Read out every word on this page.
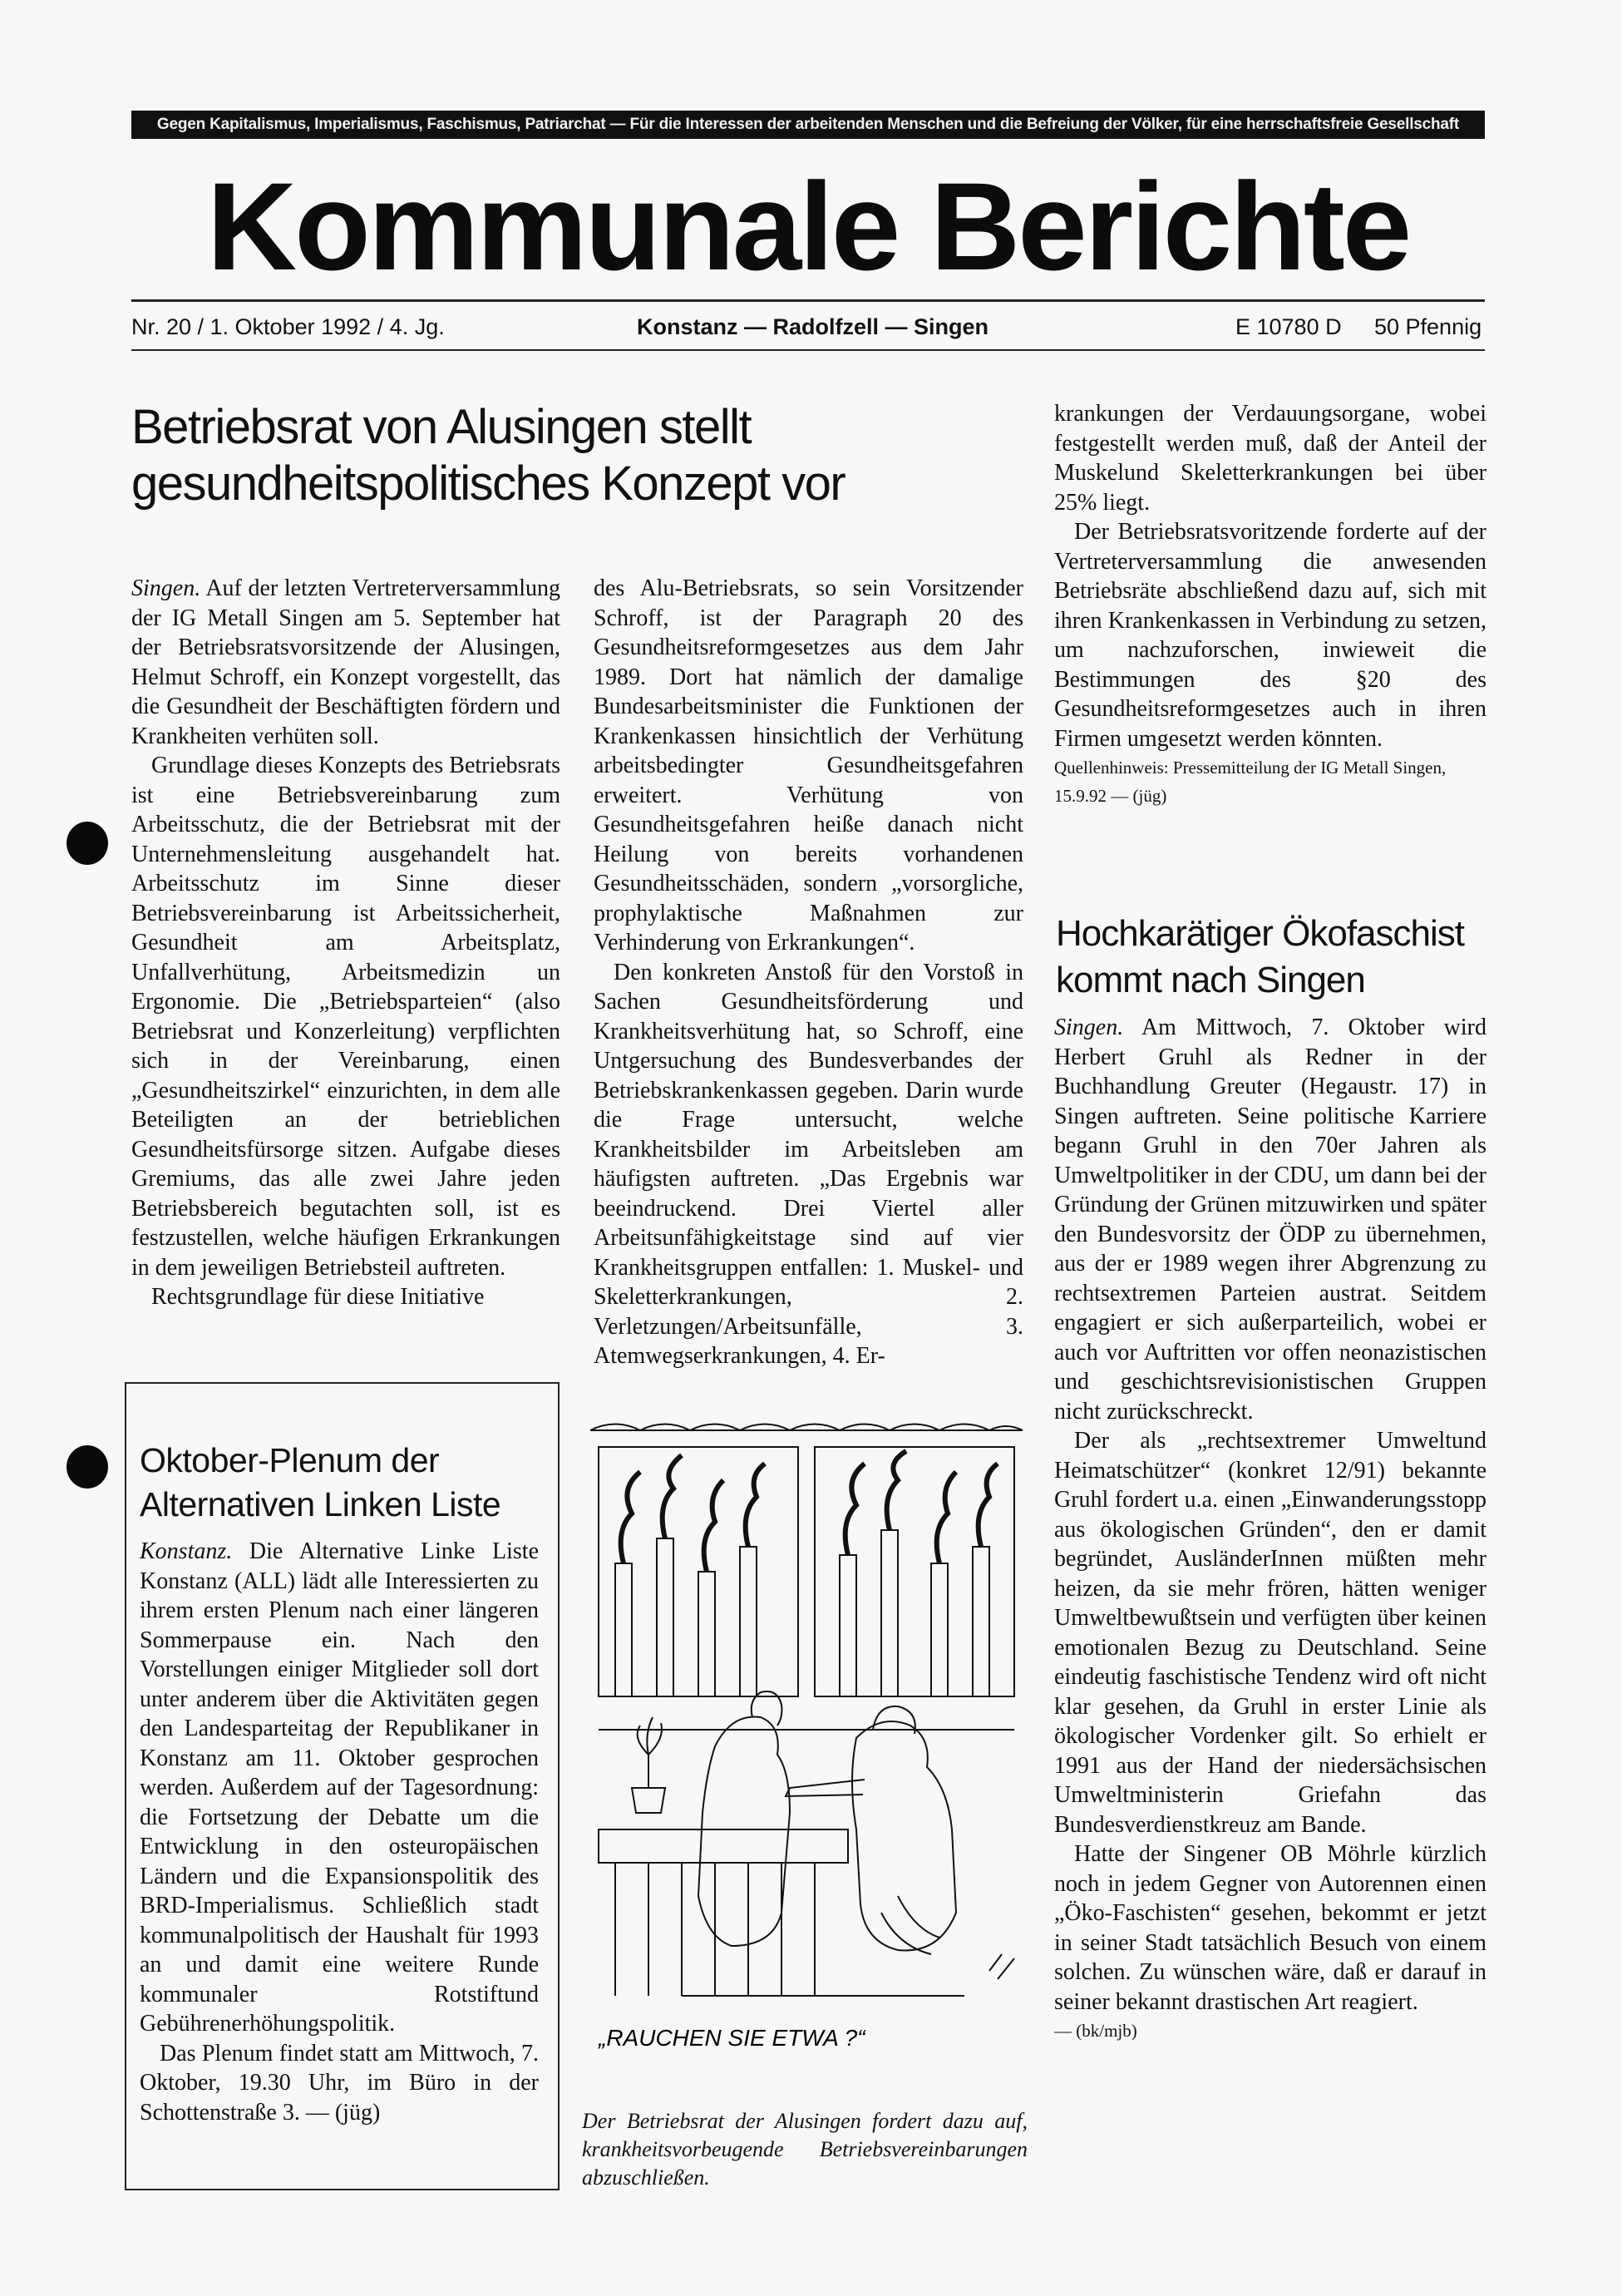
Gegen Kapitalismus, Imperialismus, Faschismus, Patriarchat — Für die Interessen der arbeitenden Menschen und die Befreiung der Völker, für eine herrschaftsfreie Gesellschaft
Kommunale Berichte
Nr. 20 / 1. Oktober 1992 / 4. Jg.	Konstanz — Radolfzell — Singen	E 10780 D 50 Pfennig
Betriebsrat von Alusingen stellt
gesundheitspolitisches Konzept vor

Singen. Auf der letzten Vertreterversammlung der IG Metall Singen am 5. September hat der Betriebsratsvorsitzende der Alusingen, Helmut Schroff, ein Konzept vorgestellt, das die Gesundheit der Beschäftigten fördern und Krankheiten verhüten soll.

Grundlage dieses Konzepts des Betriebsrats ist eine Betriebsvereinbarung zum Arbeitsschutz, die der Betriebsrat mit der Unternehmensleitung ausgehandelt hat. Arbeitsschutz im Sinne dieser Betriebsvereinbarung ist Arbeitssicherheit, Gesundheit am Arbeitsplatz, Unfallverhütung, Arbeitsmedizin un Ergonomie. Die „Betriebsparteien“ (also Betriebsrat und Konzerleitung) verpflichten sich in der Vereinbarung, einen „Gesundheitszirkel“ einzurichten, in dem alle Beteiligten an der betrieblichen Gesundheitsfürsorge sitzen. Aufgabe dieses Gremiums, das alle zwei Jahre jeden Betriebsbereich begutachten soll, ist es festzustellen, welche häufigen Erkrankungen in dem jeweiligen Betriebsteil auftreten.

Rechtsgrundlage für diese Initiative

des Alu-Betriebsrats, so sein Vorsitzender Schroff, ist der Paragraph 20 des Gesundheitsreformgesetzes aus dem Jahr 1989. Dort hat nämlich der damalige Bundesarbeitsminister die Funktionen der Krankenkassen hinsichtlich der Verhütung arbeitsbedingter Gesundheitsgefahren erweitert. Verhütung von Gesundheitsgefahren heiße danach nicht Heilung von bereits vorhandenen Gesundheitsschäden, sondern „vorsorgliche, prophylaktische Maßnahmen zur Verhinderung von Erkrankungen“.

Den konkreten Anstoß für den Vorstoß in Sachen Gesundheitsförderung und Krankheitsverhütung hat, so Schroff, eine Untgersuchung des Bundesverbandes der Betriebskrankenkassen gegeben. Darin wurde die Frage untersucht, welche Krankheitsbilder im Arbeitsleben am häufigsten auftreten. „Das Ergebnis war beeindruckend. Drei Viertel aller Arbeitsunfähigkeitstage sind auf vier Krankheitsgruppen entfallen: 1. Muskel- und Skeletterkrankungen, 2. Verletzungen/Arbeitsunfälle, 3. Atemwegserkrankungen, 4. Er-

krankungen der Verdauungsorgane, wobei festgestellt werden muß, daß der Anteil der Muskelund Skeletterkrankungen bei über 25% liegt.

Der Betriebsratsvoritzende forderte auf der Vertreterversammlung die anwesenden Betriebsräte abschließend dazu auf, sich mit ihren Krankenkassen in Verbindung zu setzen, um nachzuforschen, inwieweit die Bestimmungen des §20 des Gesundheitsreformgesetzes auch in ihren Firmen umgesetzt werden könnten.

Quellenhinweis: Pressemitteilung der IG Metall Singen, 15.9.92 — (jüg)

Oktober-Plenum der
Alternativen Linken Liste

Konstanz. Die Alternative Linke Liste Konstanz (ALL) lädt alle Interessierten zu ihrem ersten Plenum nach einer längeren Sommerpause ein. Nach den Vorstellungen einiger Mitglieder soll dort unter anderem über die Aktivitäten gegen den Landesparteitag der Republikaner in Konstanz am 11. Oktober gesprochen werden. Außerdem auf der Tagesordnung: die Fortsetzung der Debatte um die Entwicklung in den osteuropäischen Ländern und die Expansionspolitik des BRD-Imperialismus. Schließlich stadt kommunalpolitisch der Haushalt für 1993 an und damit eine weitere Runde kommunaler Rotstiftund Gebührenerhöhungspolitik.

Das Plenum findet statt am Mittwoch, 7. Oktober, 19.30 Uhr, im Büro in der Schottenstraße 3. — (jüg)

„RAUCHEN SIE ETWA ?“
Der Betriebsrat der Alusingen fordert dazu auf, krankheitsvorbeugende Betriebsvereinbarungen abzuschließen.
Hochkarätiger Ökofaschist
kommt nach Singen

Singen. Am Mittwoch, 7. Oktober wird Herbert Gruhl als Redner in der Buchhandlung Greuter (Hegaustr. 17) in Singen auftreten. Seine politische Karriere begann Gruhl in den 70er Jahren als Umweltpolitiker in der CDU, um dann bei der Gründung der Grünen mitzuwirken und später den Bundesvorsitz der ÖDP zu übernehmen, aus der er 1989 wegen ihrer Abgrenzung zu rechtsextremen Parteien austrat. Seitdem engagiert er sich außerparteilich, wobei er auch vor Auftritten vor offen neonazistischen und geschichtsrevisionistischen Gruppen nicht zurückschreckt.

Der als „rechtsextremer Umweltund Heimatschützer“ (konkret 12/91) bekannte Gruhl fordert u.a. einen „Einwanderungsstopp aus ökologischen Gründen“, den er damit begründet, AusländerInnen müßten mehr heizen, da sie mehr frören, hätten weniger Umweltbewußtsein und verfügten über keinen emotionalen Bezug zu Deutschland. Seine eindeutig faschistische Tendenz wird oft nicht klar gesehen, da Gruhl in erster Linie als ökologischer Vordenker gilt. So erhielt er 1991 aus der Hand der niedersächsischen Umweltministerin Griefahn das Bundesverdienstkreuz am Bande.

Hatte der Singener OB Möhrle kürzlich noch in jedem Gegner von Autorennen einen „Öko-Faschisten“ gesehen, bekommt er jetzt in seiner Stadt tatsächlich Besuch von einem solchen. Zu wünschen wäre, daß er darauf in seiner bekannt drastischen Art reagiert.

— (bk/mjb)
